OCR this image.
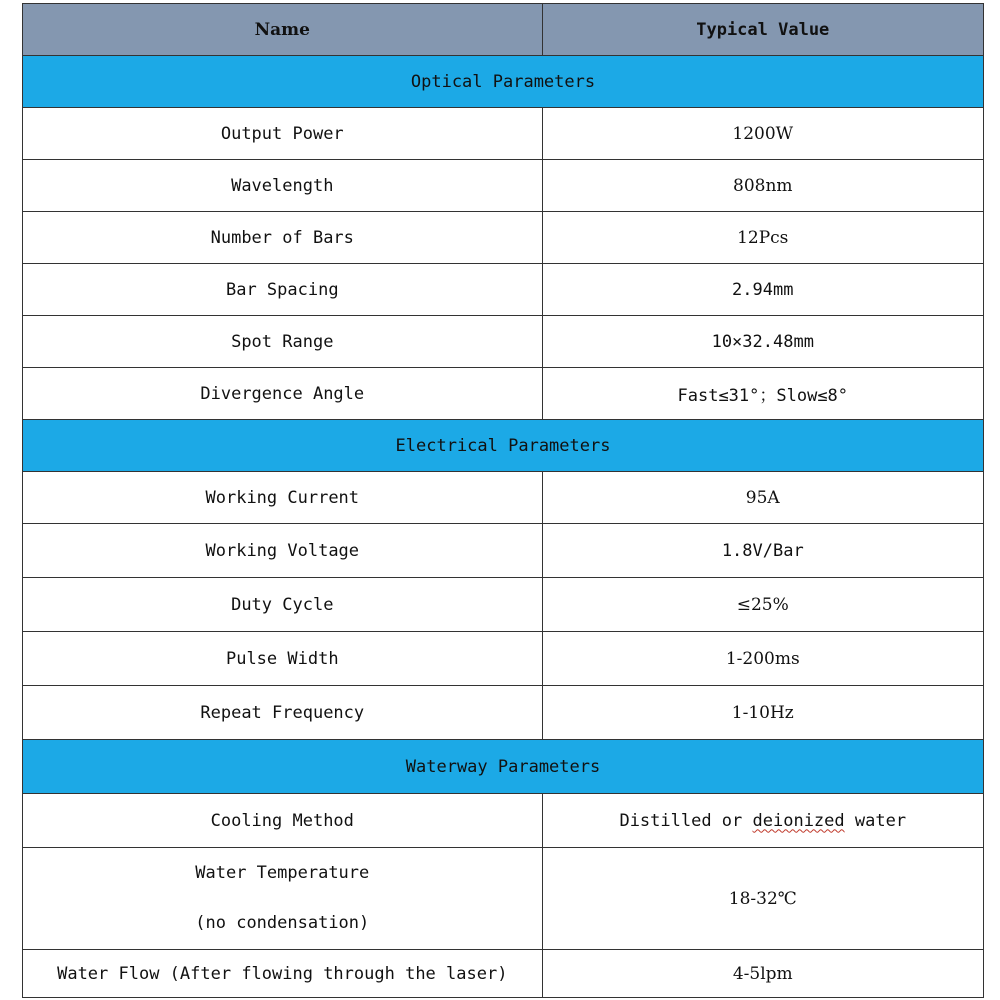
Name	Typical Value
Optical Parameters	
Output Power	1200W
Wavelength	808nm
Number of Bars	12Pcs
Bar Spacing	2.94mm
Spot Range	10×32.48mm
Divergence Angle	Fast≤31°；Slow≤8°
Electrical Parameters	
Working Current	95A
Working Voltage	1.8V/Bar
Duty Cycle	≤25%
Pulse Width	1-200ms
Repeat Frequency	1-10Hz
Waterway Parameters	
Cooling Method	Distilled or deionized water

Water Temperature
(no condensation)	18-32℃
Water Flow (After flowing through the laser)	4-5lpm
